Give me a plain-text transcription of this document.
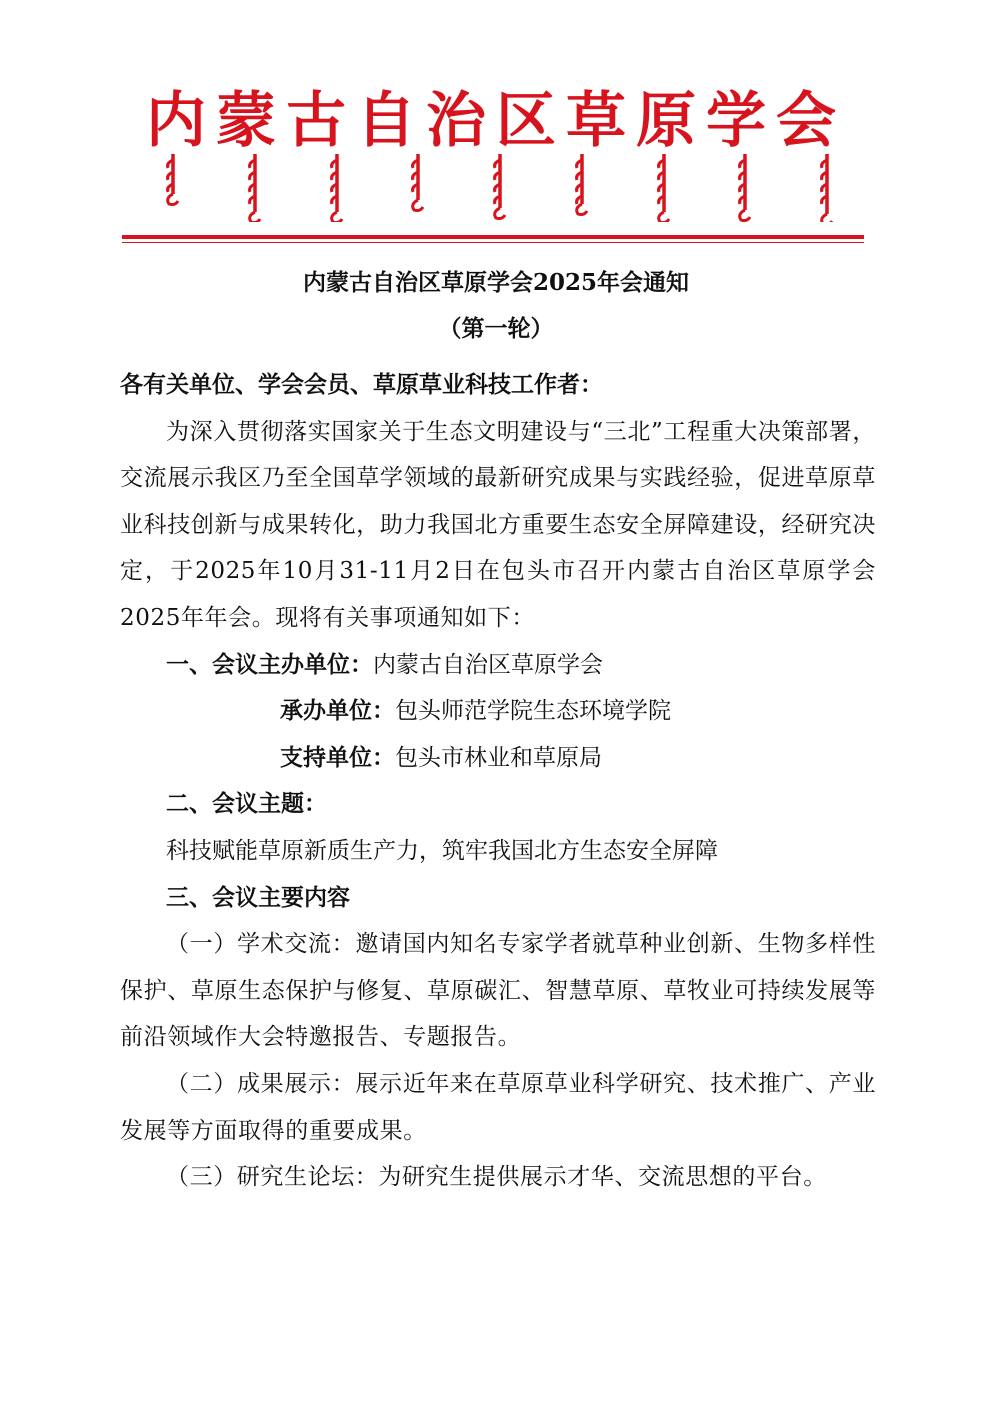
内蒙古自治区草原学会
内蒙古自治区草原学会2025年会通知
（第一轮）

各有关单位、学会会员、草原草业科技工作者：

为深入贯彻落实国家关于生态文明建设与“三北”工程重大决策部署，交流展示我区乃至全国草学领域的最新研究成果与实践经验，促进草原草业科技创新与成果转化，助力我国北方重要生态安全屏障建设，经研究决定，于2025年10月31-11月2日在包头市召开内蒙古自治区草原学会2025年年会。现将有关事项通知如下：

一、会议主办单位：内蒙古自治区草原学会

承办单位：包头师范学院生态环境学院

支持单位：包头市林业和草原局

二、会议主题：

科技赋能草原新质生产力，筑牢我国北方生态安全屏障

三、会议主要内容

（一）学术交流：邀请国内知名专家学者就草种业创新、生物多样性保护、草原生态保护与修复、草原碳汇、智慧草原、草牧业可持续发展等前沿领域作大会特邀报告、专题报告。

（二）成果展示：展示近年来在草原草业科学研究、技术推广、产业发展等方面取得的重要成果。

（三）研究生论坛：为研究生提供展示才华、交流思想的平台。
